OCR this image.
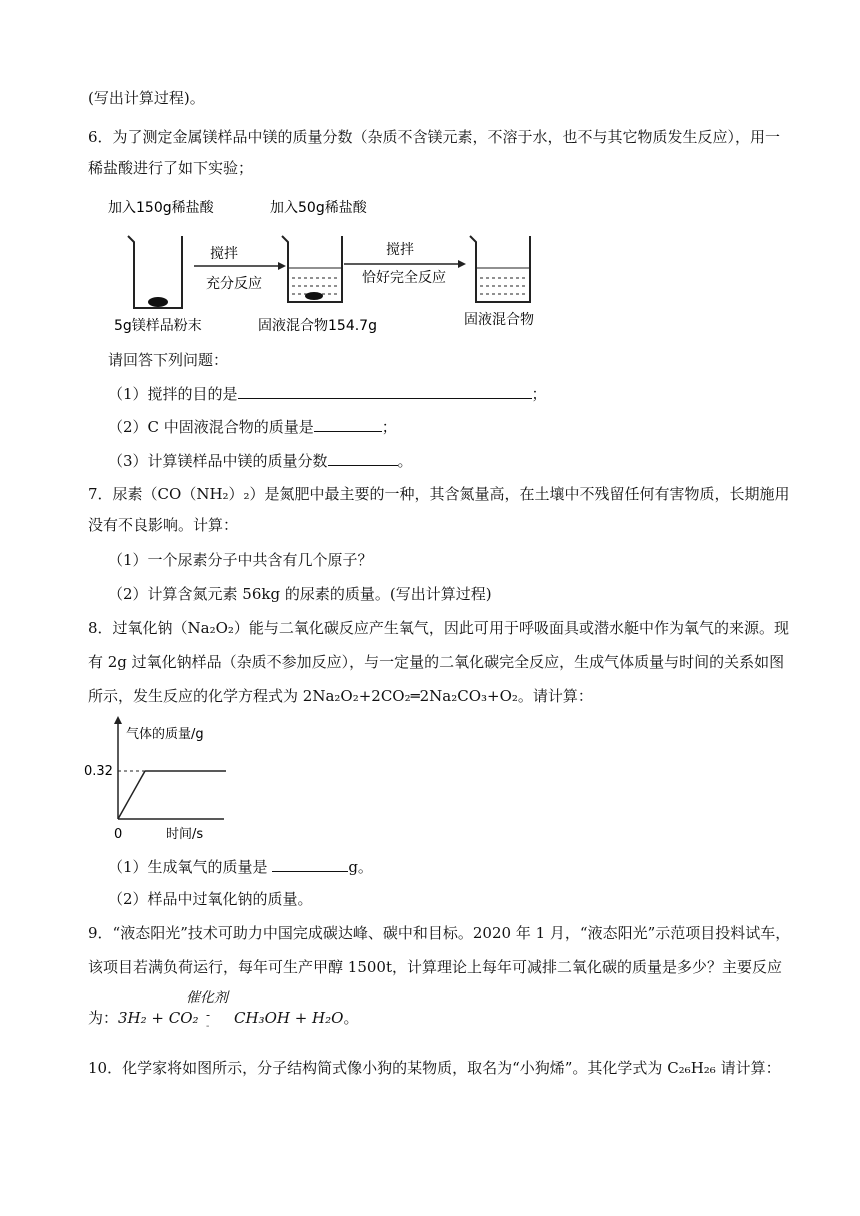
(写出计算过程)。
6．为了测定金属镁样品中镁的质量分数（杂质不含镁元素，不溶于水，也不与其它物质发生反应），用一
稀盐酸进行了如下实验；
加入150g稀盐酸	加入50g稀盐酸
5g镁样品粉末
搅拌
充分反应
固液混合物154.7g
搅拌
恰好完全反应
固液混合物
请回答下列问题：
（1）搅拌的目的是	；
（2）C 中固液混合物的质量是	；
（3）计算镁样品中镁的质量分数	。
7．尿素（CO（NH₂）₂）是氮肥中最主要的一种，其含氮量高，在土壤中不残留任何有害物质，长期施用
没有不良影响。计算：
（1）一个尿素分子中共含有几个原子？
（2）计算含氮元素 56kg 的尿素的质量。(写出计算过程)
8．过氧化钠（Na₂O₂）能与二氧化碳反应产生氧气，因此可用于呼吸面具或潜水艇中作为氧气的来源。现
有 2g 过氧化钠样品（杂质不参加反应），与一定量的二氧化碳完全反应，生成气体质量与时间的关系如图
所示，发生反应的化学方程式为 2Na₂O₂+2CO₂═2Na₂CO₃+O₂。请计算：
气体的质量/g
时间/s
0
0.32
（1）生成氧气的质量是	g。
（2）样品中过氧化钠的质量。
9．“液态阳光”技术可助力中国完成碳达峰、碳中和目标。2020 年 1 月，“液态阳光”示范项目投料试车，
该项目若满负荷运行，每年可生产甲醇 1500t，计算理论上每年可减排二氧化碳的质量是多少？主要反应
为：3H₂ + CO₂
催化剂
-
- CH₃OH + H₂O。
10．化学家将如图所示，分子结构简式像小狗的某物质，取名为“小狗烯”。其化学式为 C₂₆H₂₆ 请计算：
